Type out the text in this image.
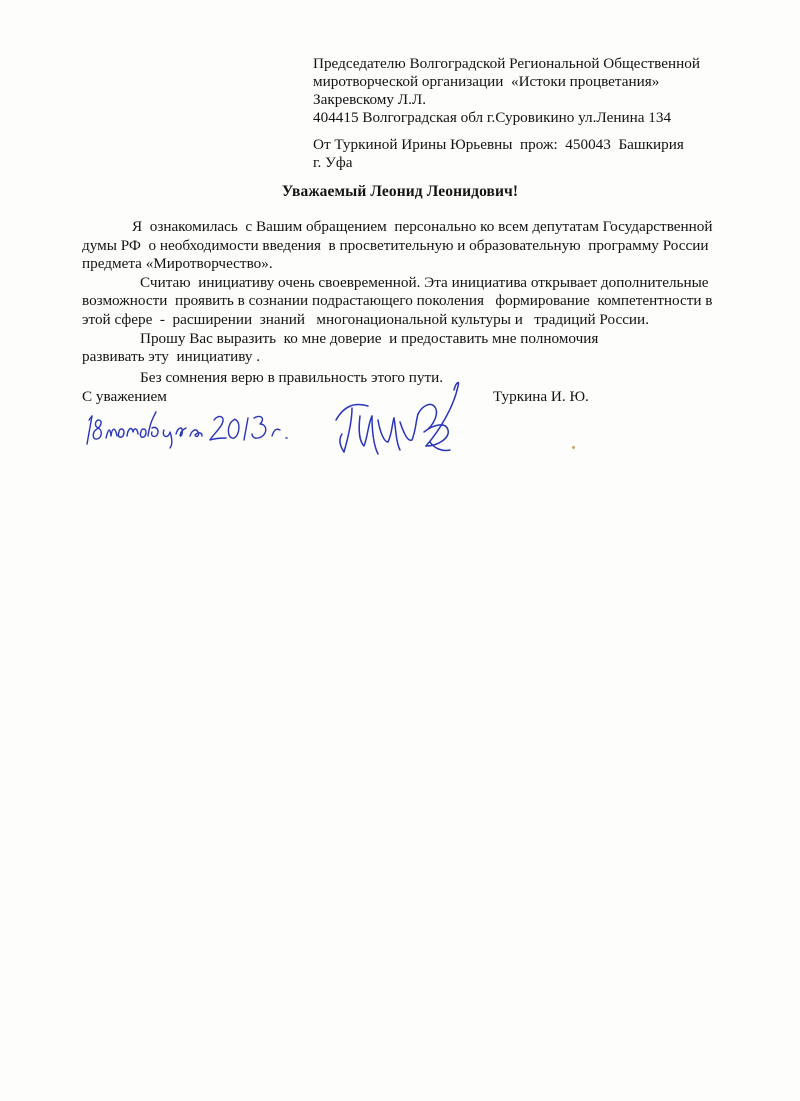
Председателю Волгоградской Региональной Общественной
миротворческой организации  «Истоки процветания»
Закревскому Л.Л.
404415 Волгоградская обл г.Суровикино ул.Ленина 134
От Туркиной Ирины Юрьевны  прож:  450043  Башкирия
г. Уфа
Уважаемый Леонид Леонидович!
Я  ознакомилась  с Вашим обращением  персонально ко всем депутатам Государственной
думы РФ  о необходимости введения  в просветительную и образовательную  программу России
предмета «Миротворчество».
Считаю  инициативу очень своевременной. Эта инициатива открывает дополнительные
возможности  проявить в сознании подрастающего поколения   формирование  компетентности в
этой сфере  -  расширении  знаний   многонациональной культуры и   традиций России.
Прошу Вас выразить  ко мне доверие  и предоставить мне полномочия
развивать эту  инициативу .
Без сомнения верю в правильность этого пути.
С уважением	Туркина И. Ю.
